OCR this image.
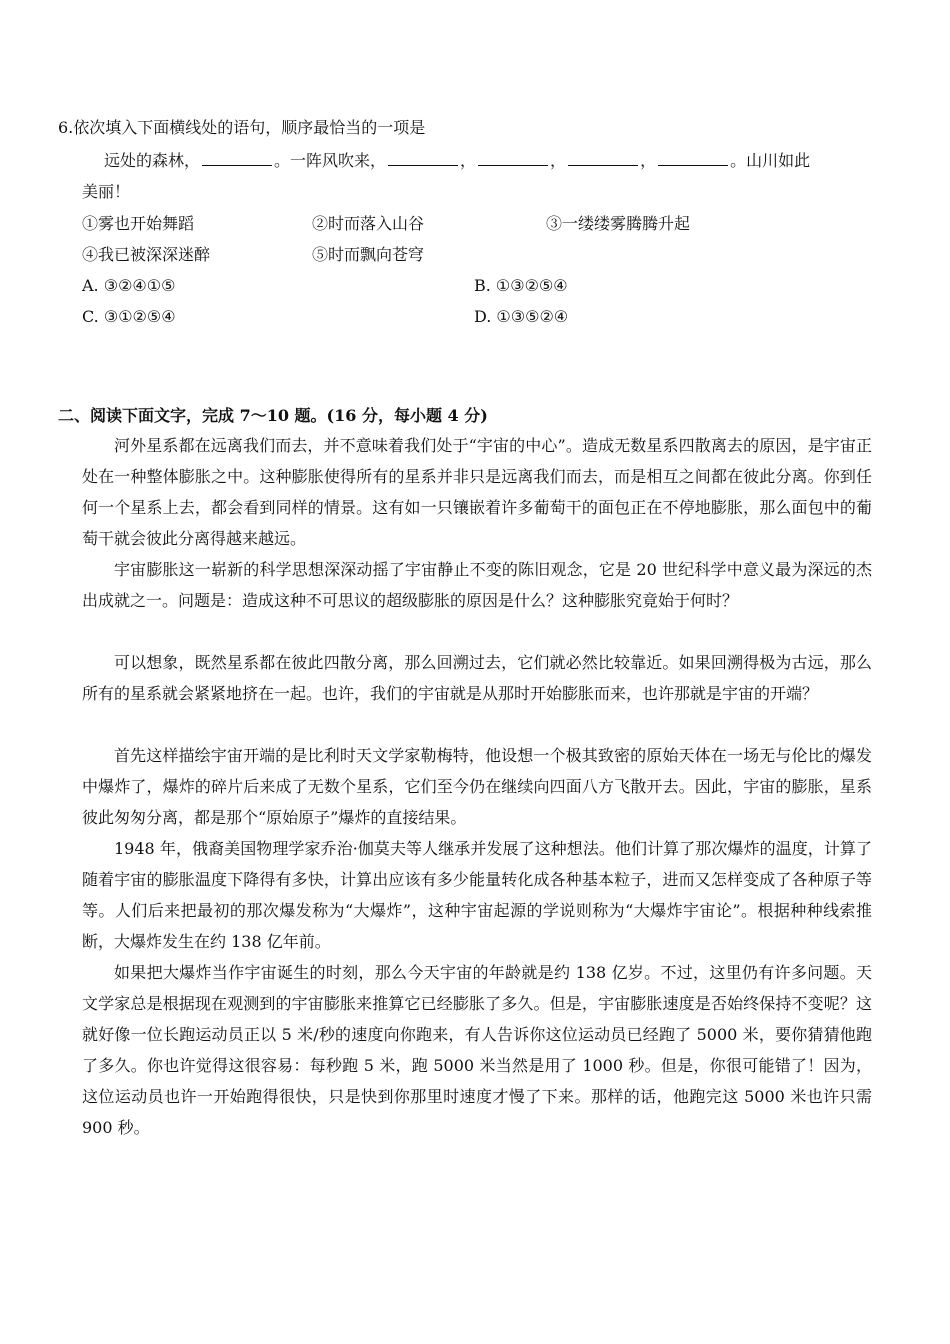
6.依次填入下面横线处的语句，顺序最恰当的一项是
远处的森林，	。一阵风吹来，	，	，	，	。山川如此
美丽！
①雾也开始舞蹈	②时而落入山谷	③一缕缕雾腾腾升起
④我已被深深迷醉	⑤时而飘向苍穹
A. ③②④①⑤	B. ①③②⑤④
C. ③①②⑤④	D. ①③⑤②④
二、阅读下面文字，完成 7～10 题。(16 分，每小题 4 分)

河外星系都在远离我们而去，并不意味着我们处于“宇宙的中心”。造成无数星系四散离去的原因，是宇宙正处在一种整体膨胀之中。这种膨胀使得所有的星系并非只是远离我们而去，而是相互之间都在彼此分离。你到任何一个星系上去，都会看到同样的情景。这有如一只镶嵌着许多葡萄干的面包正在不停地膨胀，那么面包中的葡萄干就会彼此分离得越来越远。

宇宙膨胀这一崭新的科学思想深深动摇了宇宙静止不变的陈旧观念，它是 20 世纪科学中意义最为深远的杰出成就之一。问题是：造成这种不可思议的超级膨胀的原因是什么？这种膨胀究竟始于何时？

可以想象，既然星系都在彼此四散分离，那么回溯过去，它们就必然比较靠近。如果回溯得极为古远，那么所有的星系就会紧紧地挤在一起。也许，我们的宇宙就是从那时开始膨胀而来，也许那就是宇宙的开端？

首先这样描绘宇宙开端的是比利时天文学家勒梅特，他设想一个极其致密的原始天体在一场无与伦比的爆发中爆炸了，爆炸的碎片后来成了无数个星系，它们至今仍在继续向四面八方飞散开去。因此，宇宙的膨胀，星系彼此匆匆分离，都是那个“原始原子”爆炸的直接结果。

1948 年，俄裔美国物理学家乔治·伽莫夫等人继承并发展了这种想法。他们计算了那次爆炸的温度，计算了随着宇宙的膨胀温度下降得有多快，计算出应该有多少能量转化成各种基本粒子，进而又怎样变成了各种原子等等。人们后来把最初的那次爆发称为“大爆炸”，这种宇宙起源的学说则称为“大爆炸宇宙论”。根据种种线索推断，大爆炸发生在约 138 亿年前。

如果把大爆炸当作宇宙诞生的时刻，那么今天宇宙的年龄就是约 138 亿岁。不过，这里仍有许多问题。天文学家总是根据现在观测到的宇宙膨胀来推算它已经膨胀了多久。但是，宇宙膨胀速度是否始终保持不变呢？这就好像一位长跑运动员正以 5 米/秒的速度向你跑来，有人告诉你这位运动员已经跑了 5000 米，要你猜猜他跑了多久。你也许觉得这很容易：每秒跑 5 米，跑 5000 米当然是用了 1000 秒。但是，你很可能错了！因为，这位运动员也许一开始跑得很快，只是快到你那里时速度才慢了下来。那样的话，他跑完这 5000 米也许只需 900 秒。
